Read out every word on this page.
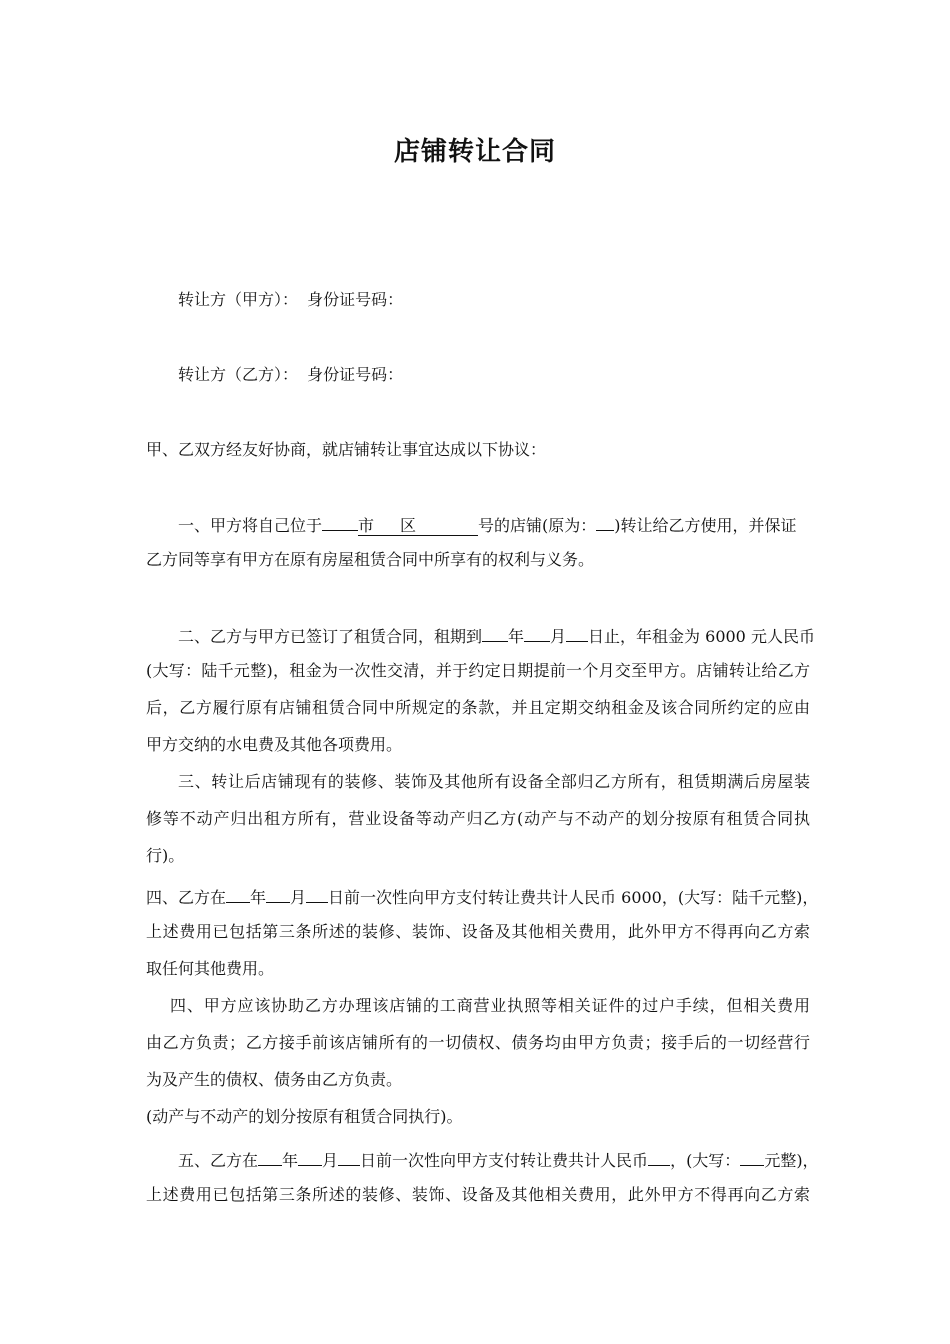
店铺转让合同
转让方（甲方）： 身份证号码：
转让方（乙方）： 身份证号码：
甲、乙双方经友好协商，就店铺转让事宜达成以下协议：
一、甲方将自己位于 市 区	号的店铺(原为： )转让给乙方使用，并保证
乙方同等享有甲方在原有房屋租赁合同中所享有的权利与义务。
二、乙方与甲方已签订了租赁合同，租期到 年 月 日止，年租金为 6000 元人民币
(大写：陆千元整)，租金为一次性交清，并于约定日期提前一个月交至甲方。店铺转让给乙方
后，乙方履行原有店铺租赁合同中所规定的条款，并且定期交纳租金及该合同所约定的应由
甲方交纳的水电费及其他各项费用。
三、转让后店铺现有的装修、装饰及其他所有设备全部归乙方所有，租赁期满后房屋装
修等不动产归出租方所有，营业设备等动产归乙方(动产与不动产的划分按原有租赁合同执
行)。
四、乙方在 年 月 日前一次性向甲方支付转让费共计人民币 6000，(大写：陆千元整)，
上述费用已包括第三条所述的装修、装饰、设备及其他相关费用，此外甲方不得再向乙方索
取任何其他费用。
四、甲方应该协助乙方办理该店铺的工商营业执照等相关证件的过户手续，但相关费用
由乙方负责；乙方接手前该店铺所有的一切债权、债务均由甲方负责；接手后的一切经营行
为及产生的债权、债务由乙方负责。
(动产与不动产的划分按原有租赁合同执行)。
五、乙方在 年 月 日前一次性向甲方支付转让费共计人民币 ，(大写： 元整)，
上述费用已包括第三条所述的装修、装饰、设备及其他相关费用，此外甲方不得再向乙方索
